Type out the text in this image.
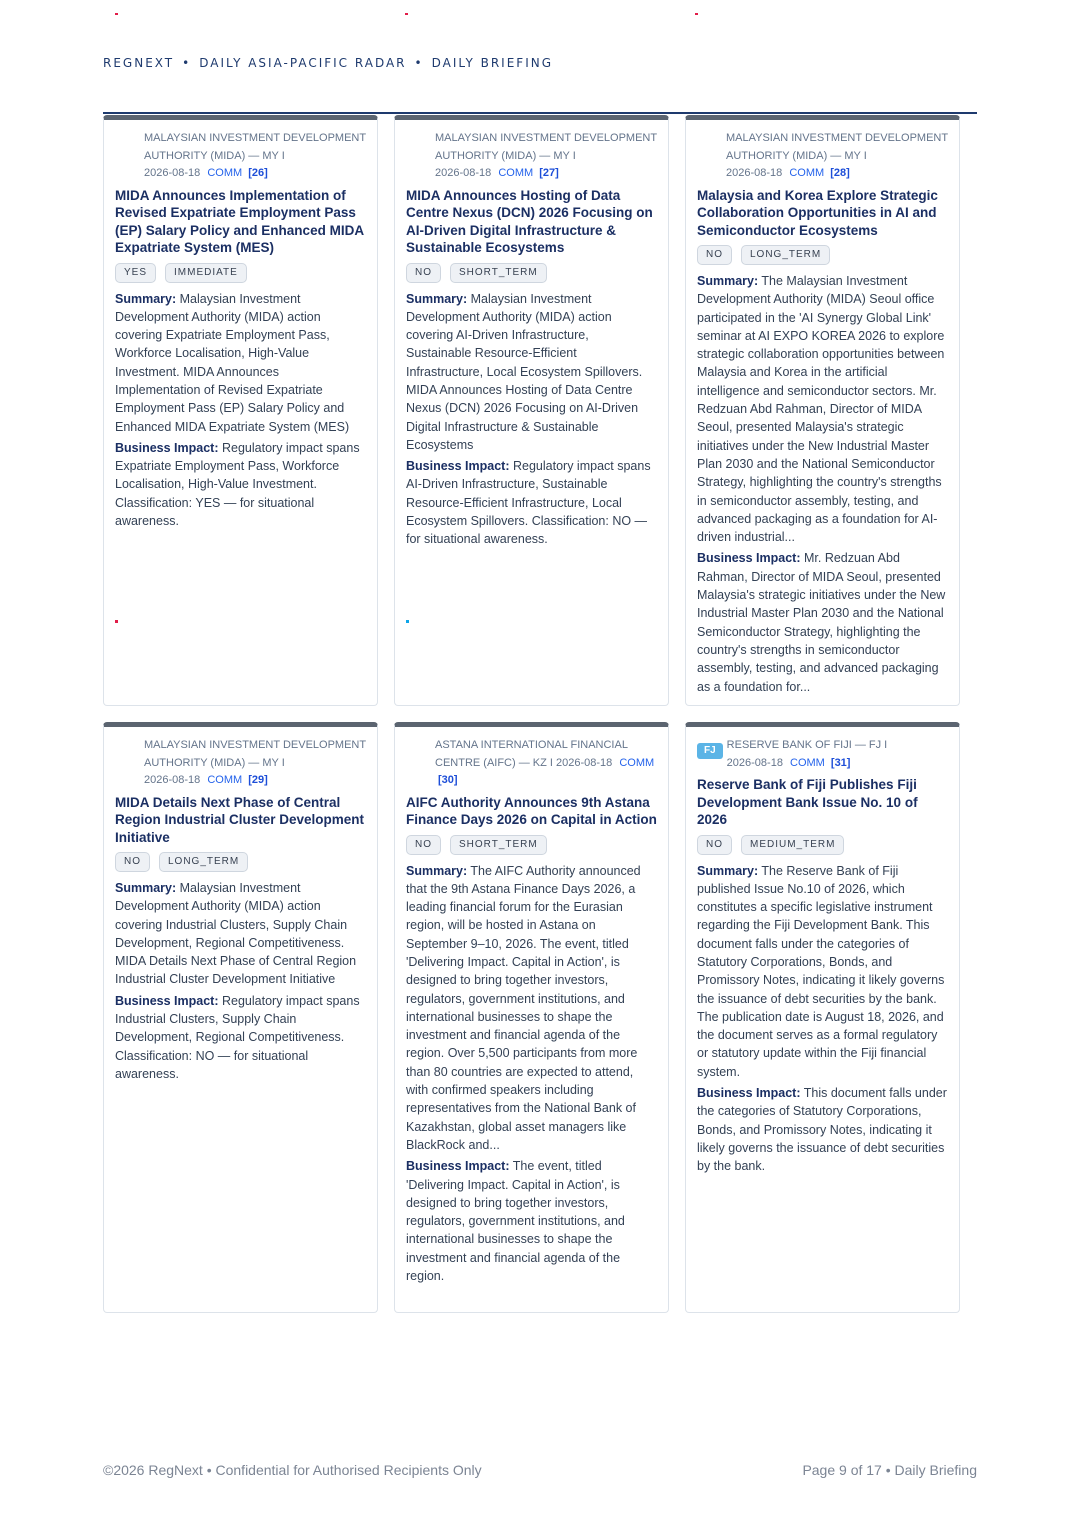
REGNEXT • DAILY ASIA-PACIFIC RADAR • DAILY BRIEFING
MALAYSIAN INVESTMENT DEVELOPMENT AUTHORITY (MIDA) — MY I
2026-08-18 COMM [26]
MIDA Announces Implementation of Revised Expatriate Employment Pass (EP) Salary Policy and Enhanced MIDA Expatriate System (MES)
YES	IMMEDIATE

Summary: Malaysian Investment Development Authority (MIDA) action covering Expatriate Employment Pass, Workforce Localisation, High-Value Investment. MIDA Announces Implementation of Revised Expatriate Employment Pass (EP) Salary Policy and Enhanced MIDA Expatriate System (MES)

Business Impact: Regulatory impact spans Expatriate Employment Pass, Workforce Localisation, High-Value Investment. Classification: YES — for situational awareness.

MALAYSIAN INVESTMENT DEVELOPMENT AUTHORITY (MIDA) — MY I
2026-08-18 COMM [27]
MIDA Announces Hosting of Data Centre Nexus (DCN) 2026 Focusing on AI-Driven Digital Infrastructure & Sustainable Ecosystems
NO	SHORT_TERM

Summary: Malaysian Investment Development Authority (MIDA) action covering AI-Driven Infrastructure, Sustainable Resource-Efficient Infrastructure, Local Ecosystem Spillovers. MIDA Announces Hosting of Data Centre Nexus (DCN) 2026 Focusing on AI-Driven Digital Infrastructure & Sustainable Ecosystems

Business Impact: Regulatory impact spans AI-Driven Infrastructure, Sustainable Resource-Efficient Infrastructure, Local Ecosystem Spillovers. Classification: NO — for situational awareness.

MALAYSIAN INVESTMENT DEVELOPMENT AUTHORITY (MIDA) — MY I
2026-08-18 COMM [28]
Malaysia and Korea Explore Strategic Collaboration Opportunities in AI and Semiconductor Ecosystems
NO	LONG_TERM

Summary: The Malaysian Investment Development Authority (MIDA) Seoul office participated in the 'AI Synergy Global Link' seminar at AI EXPO KOREA 2026 to explore strategic collaboration opportunities between Malaysia and Korea in the artificial intelligence and semiconductor sectors. Mr. Redzuan Abd Rahman, Director of MIDA Seoul, presented Malaysia's strategic initiatives under the New Industrial Master Plan 2030 and the National Semiconductor Strategy, highlighting the country's strengths in semiconductor assembly, testing, and advanced packaging as a foundation for AI-driven industrial...

Business Impact: Mr. Redzuan Abd Rahman, Director of MIDA Seoul, presented Malaysia's strategic initiatives under the New Industrial Master Plan 2030 and the National Semiconductor Strategy, highlighting the country's strengths in semiconductor assembly, testing, and advanced packaging as a foundation for...

MALAYSIAN INVESTMENT DEVELOPMENT AUTHORITY (MIDA) — MY I
2026-08-18 COMM [29]
MIDA Details Next Phase of Central Region Industrial Cluster Development Initiative
NO	LONG_TERM

Summary: Malaysian Investment Development Authority (MIDA) action covering Industrial Clusters, Supply Chain Development, Regional Competitiveness. MIDA Details Next Phase of Central Region Industrial Cluster Development Initiative

Business Impact: Regulatory impact spans Industrial Clusters, Supply Chain Development, Regional Competitiveness. Classification: NO — for situational awareness.

ASTANA INTERNATIONAL FINANCIAL CENTRE (AIFC) — KZ I 2026-08-18 COMM [30]
AIFC Authority Announces 9th Astana Finance Days 2026 on Capital in Action
NO	SHORT_TERM

Summary: The AIFC Authority announced that the 9th Astana Finance Days 2026, a leading financial forum for the Eurasian region, will be hosted in Astana on September 9–10, 2026. The event, titled 'Delivering Impact. Capital in Action', is designed to bring together investors, regulators, government institutions, and international businesses to shape the investment and financial agenda of the region. Over 5,500 participants from more than 80 countries are expected to attend, with confirmed speakers including representatives from the National Bank of Kazakhstan, global asset managers like BlackRock and...

Business Impact: The event, titled 'Delivering Impact. Capital in Action', is designed to bring together investors, regulators, government institutions, and international businesses to shape the investment and financial agenda of the region.

FJ	RESERVE BANK OF FIJI — FJ I
2026-08-18 COMM [31]
Reserve Bank of Fiji Publishes Fiji Development Bank Issue No. 10 of 2026
NO	MEDIUM_TERM

Summary: The Reserve Bank of Fiji published Issue No.10 of 2026, which constitutes a specific legislative instrument regarding the Fiji Development Bank. This document falls under the categories of Statutory Corporations, Bonds, and Promissory Notes, indicating it likely governs the issuance of debt securities by the bank. The publication date is August 18, 2026, and the document serves as a formal regulatory or statutory update within the Fiji financial system.

Business Impact: This document falls under the categories of Statutory Corporations, Bonds, and Promissory Notes, indicating it likely governs the issuance of debt securities by the bank.

©2026 RegNext • Confidential for Authorised Recipients Only	Page 9 of 17 • Daily Briefing
